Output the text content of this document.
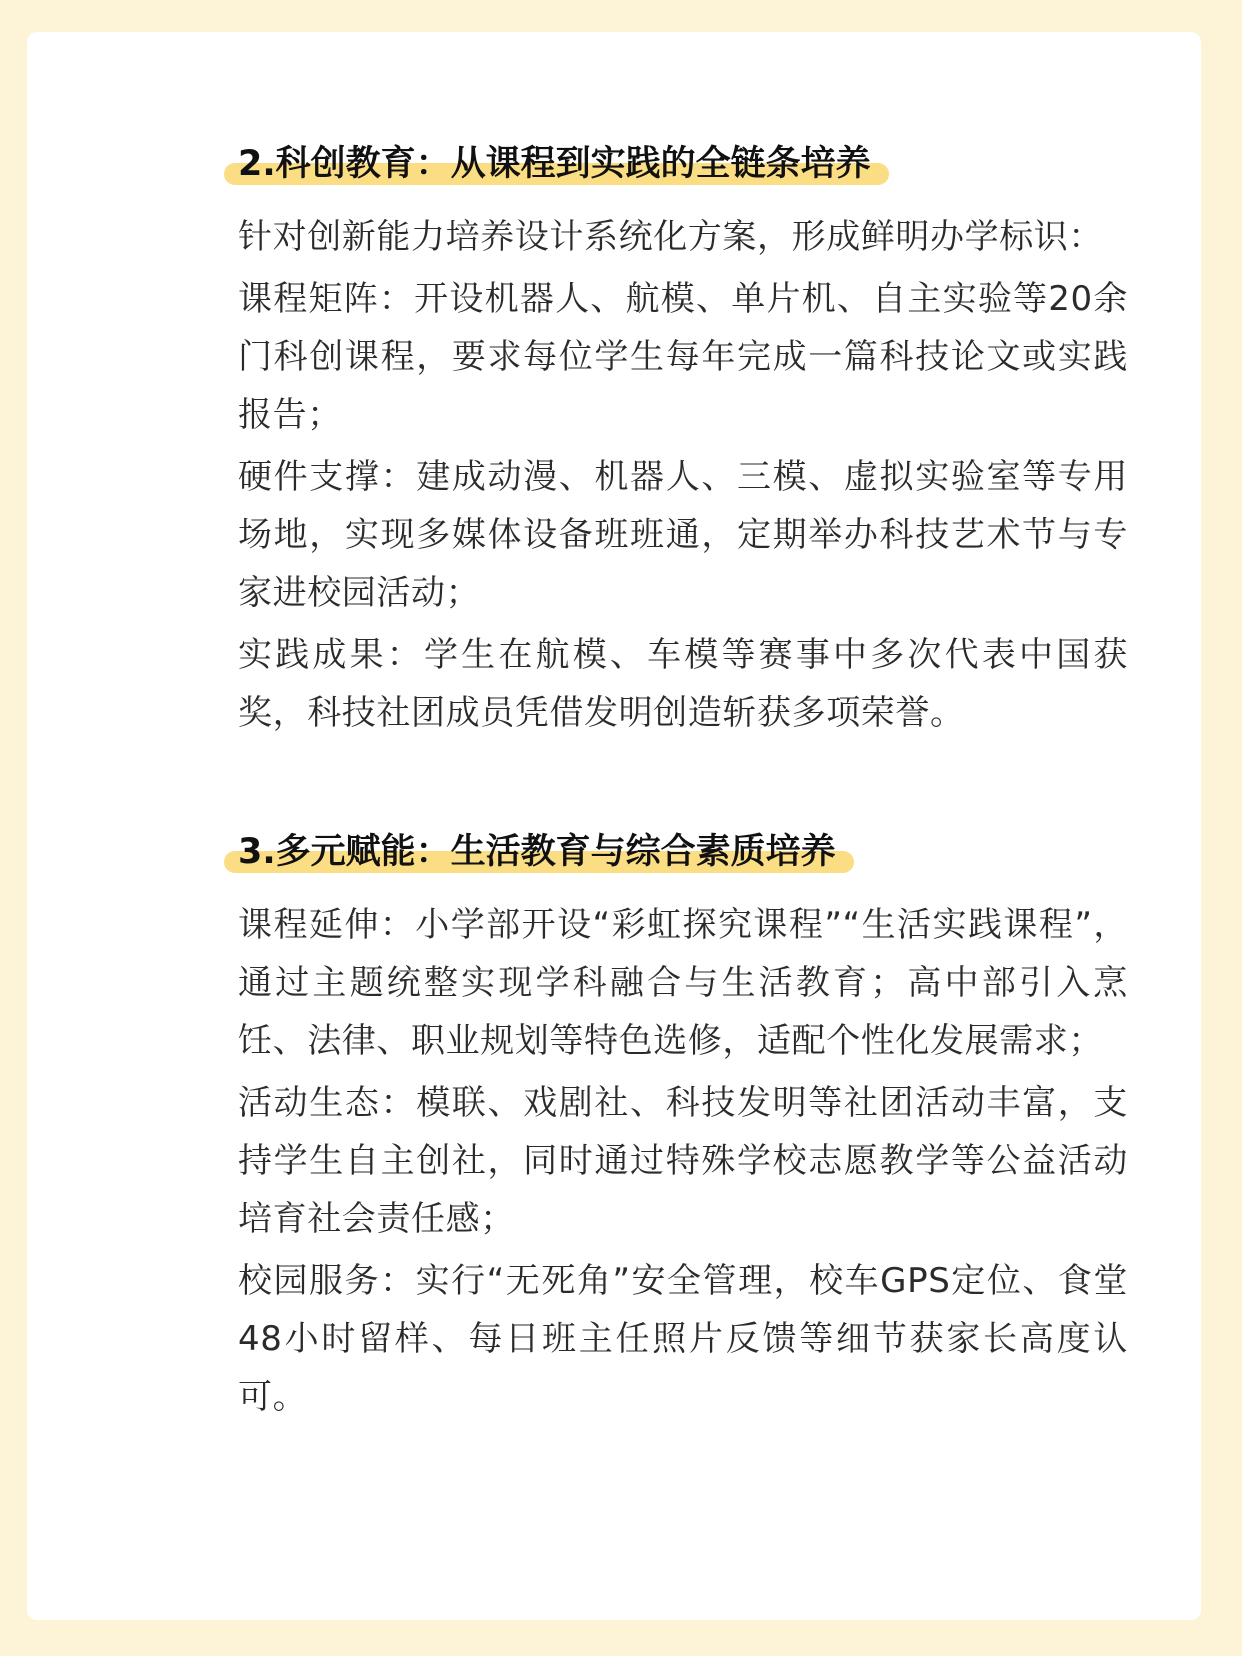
2.科创教育：从课程到实践的全链条培养

针对创新能力培养设计系统化方案，形成鲜明办学标识：

课程矩阵：开设机器人、航模、单片机、自主实验等20余门科创课程，要求每位学生每年完成一篇科技论文或实践报告；

硬件支撑：建成动漫、机器人、三模、虚拟实验室等专用场地，实现多媒体设备班班通，定期举办科技艺术节与专家进校园活动；

实践成果：学生在航模、车模等赛事中多次代表中国获奖，科技社团成员凭借发明创造斩获多项荣誉。

3.多元赋能：生活教育与综合素质培养

课程延伸：小学部开设“彩虹探究课程”“生活实践课程”，通过主题统整实现学科融合与生活教育；高中部引入烹饪、法律、职业规划等特色选修，适配个性化发展需求；

活动生态：模联、戏剧社、科技发明等社团活动丰富，支持学生自主创社，同时通过特殊学校志愿教学等公益活动培育社会责任感；

校园服务：实行“无死角”安全管理，校车GPS定位、食堂48小时留样、每日班主任照片反馈等细节获家长高度认可。
